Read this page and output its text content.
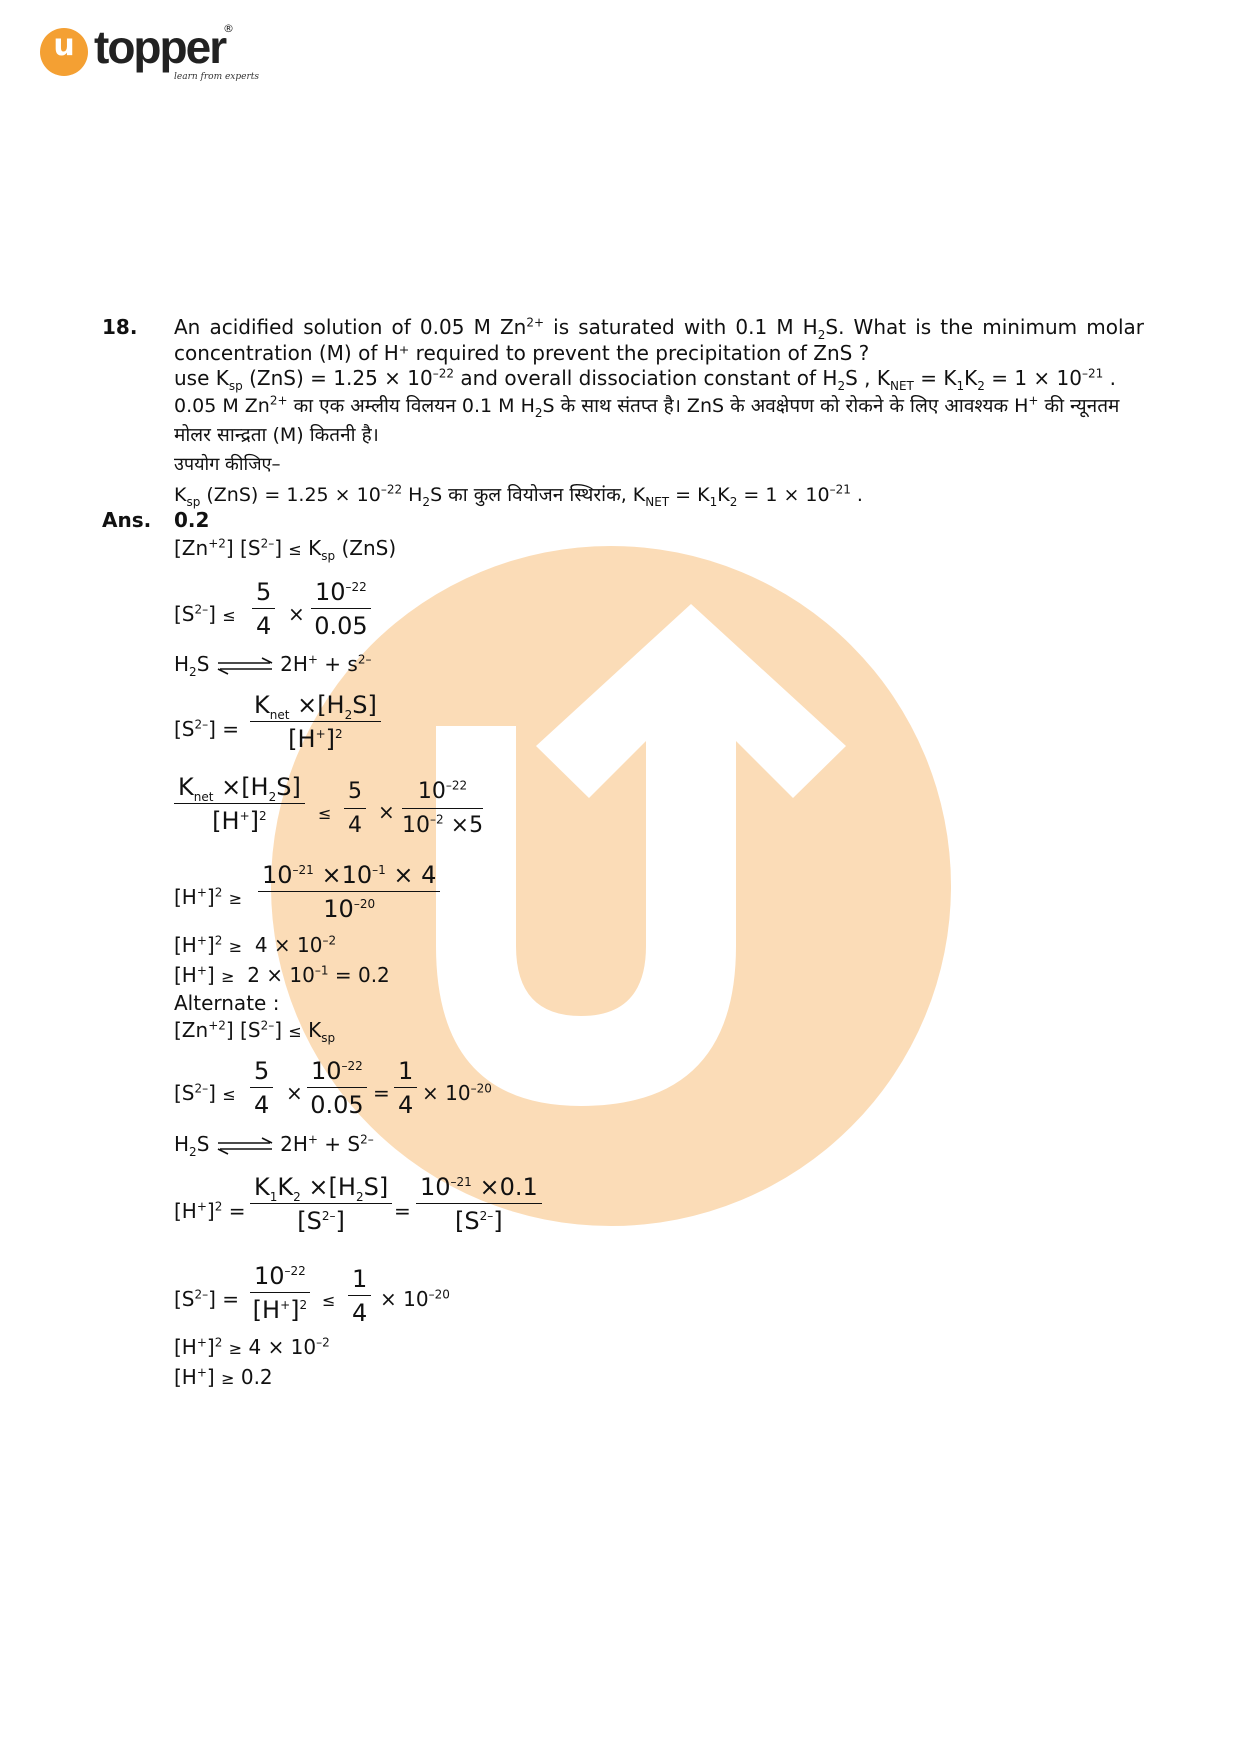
u topper
®
learn from experts
18. An acidified solution of 0.05 M $Zn^{2+}$ is saturated with 0.1 M $H_2S$. What is the minimum molar
concentration (M) of H⁺ required to prevent the precipitation of ZnS ?
use $K_{sp}$ $(ZnS) = 1.25 \times 10^{-22}$ and overall dissociation constant of $H_2S$ , $K_{NET} = K_1K_2 = 1 \times 10^{-21}$ .
0.05 M $Zn^{2+}$ का एक अम्लीय विलयन 0.1 M $H_2S$ के साथ संतप्त है। ZnS के अवक्षेपण को रोकने के लिए आवश्यक H+ की न्यूनतम
मोलर सान्द्रता (M) कितनी है।
उपयोग कीजिए–
$K_{sp}$ $(ZnS) = 1.25 \times 10^{-22}$ $H_2S$ का कुल वियोजन स्थिरांक, $K_{NET} = K_1K_2 = 1 \times 10^{-21}$ .
Ans. 0.2
$[Zn^{+2}] [S^{2-}] \le K_{sp}$ (ZnS)
$[S^{2-}]$ ≤
5
4 ×
$10^{-22}$
0.05
$H_2S$ ⇌ $2H^+ + s^{2-}$
$[S^{2-}]$ =
$K_{net} \times[H_2S]$
$[H^+]^2$
$K_{net} \times[H_2S]$
$[H^+]^2$	≤
5
4
×
$10^{-22}$
$10^{-2} \times 5$
$[H^+]^2$ ≥
$10^{-21} \times 10^{-1} \times 4$
$10^{-20}$
$[H^+]^2 \ge 4 \times 10^{-2}$
$[H^+] \ge 2 \times 10^{-1} = 0.2$
Alternate :
$[Zn^{+2}] [S^{2-}] \le K_{sp}$
$[S^{2-}]$ ≤
5
4 ×
$10^{-22}$
0.05 =
1
$4 \times 10^{-20}$
$H_2S$ ⇌ $2H^+ + S^{2-}$
$[H^+]^2$ =
$K_1K_2 \times[H_2S]$
$[S^{2-}]$	=
$10^{-21} \times 0.1$
$[S^{2-}]$
$[S^{2-}]$ =
$10^{-22}$
$[H^+]^2$ ≤
1
$4 \times 10^{-20}$
$[H^+]^2 \ge 4 \times 10^{-2}$
[H+] ≥ 0.2
